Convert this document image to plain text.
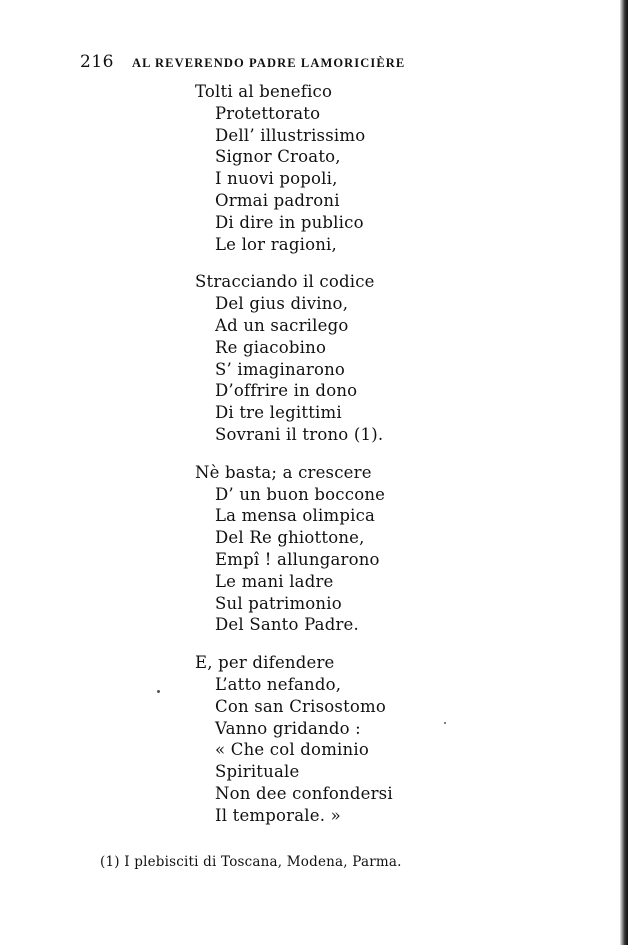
216 AL REVERENDO PADRE LAMORICIÈRE
Tolti al benefico
Protettorato
Dell’ illustrissimo
Signor Croato,
I nuovi popoli,
Ormai padroni
Di dire in publico
Le lor ragioni,
Stracciando il codice
Del gius divino,
Ad un sacrilego
Re giacobino
S’ imaginarono
D’offrire in dono
Di tre legittimi
Sovrani il trono (1).
Nè basta; a crescere
D’ un buon boccone
La mensa olimpica
Del Re ghiottone,
Empî ! allungarono
Le mani ladre
Sul patrimonio
Del Santo Padre.
E, per difendere
L’atto nefando,
Con san Crisostomo
Vanno gridando :
« Che col dominio
Spirituale
Non dee confondersi
Il temporale. »
(1) I plebisciti di Toscana, Modena, Parma.
